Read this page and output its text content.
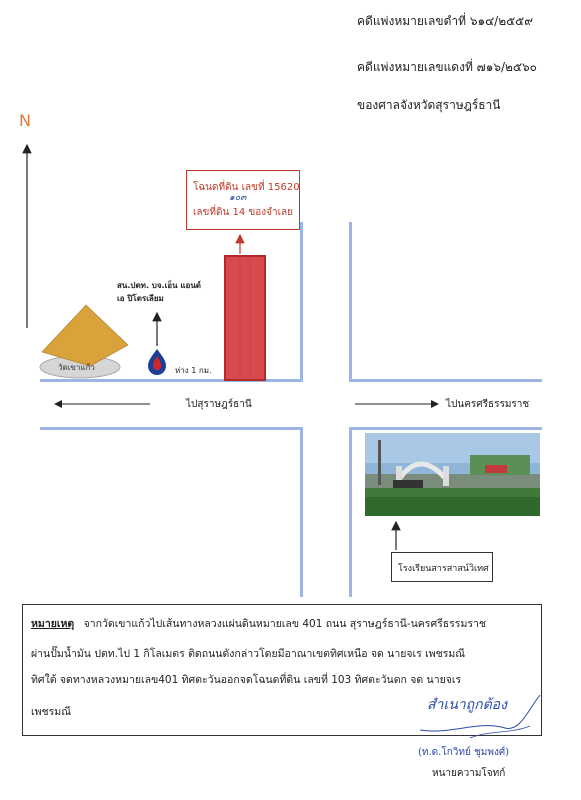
คดีแพ่งหมายเลขดำที่ ๖๑๔/๒๕๕๙
คดีแพ่งหมายเลขแดงที่ ๗๑๖/๒๕๖๐
ของศาลจังหวัดสุราษฎร์ธานี
N
โฉนดที่ดิน เลขที่ 15620
เลขที่ดิน 14 ของจำเลย
๑๐๓
สน.ปตท. บจ.เอ็น แอนด์
เอ ปิโตรเลียม
วัดเขาแก้ว	ห่าง 1 กม.
ไปสุราษฎร์ธานี	ไปนครศรีธรรมราช
โรงเรียนสารสาสน์วิเทศ
หมายเหตุ จากวัดเขาแก้วไปเส้นทางหลวงแผ่นดินหมายเลข 401 ถนน สุราษฎร์ธานี-นครศรีธรรมราช
ผ่านปั๊มน้ำมัน ปตท.ไป 1 กิโลเมตร ติดถนนดังกล่าวโดยมีอาณาเขตทิศเหนือ จด นายจเร เพชรมณี
ทิศใต้ จดทางหลวงหมายเลข401 ทิศตะวันออกจดโฉนดที่ดิน เลขที่ 103 ทิศตะวันตก จด นายจเร
เพชรมณี	สำเนาถูกต้อง
(ท.ด.โกวิทย์ ชุมพงศ์)
หนายความโจทก์
